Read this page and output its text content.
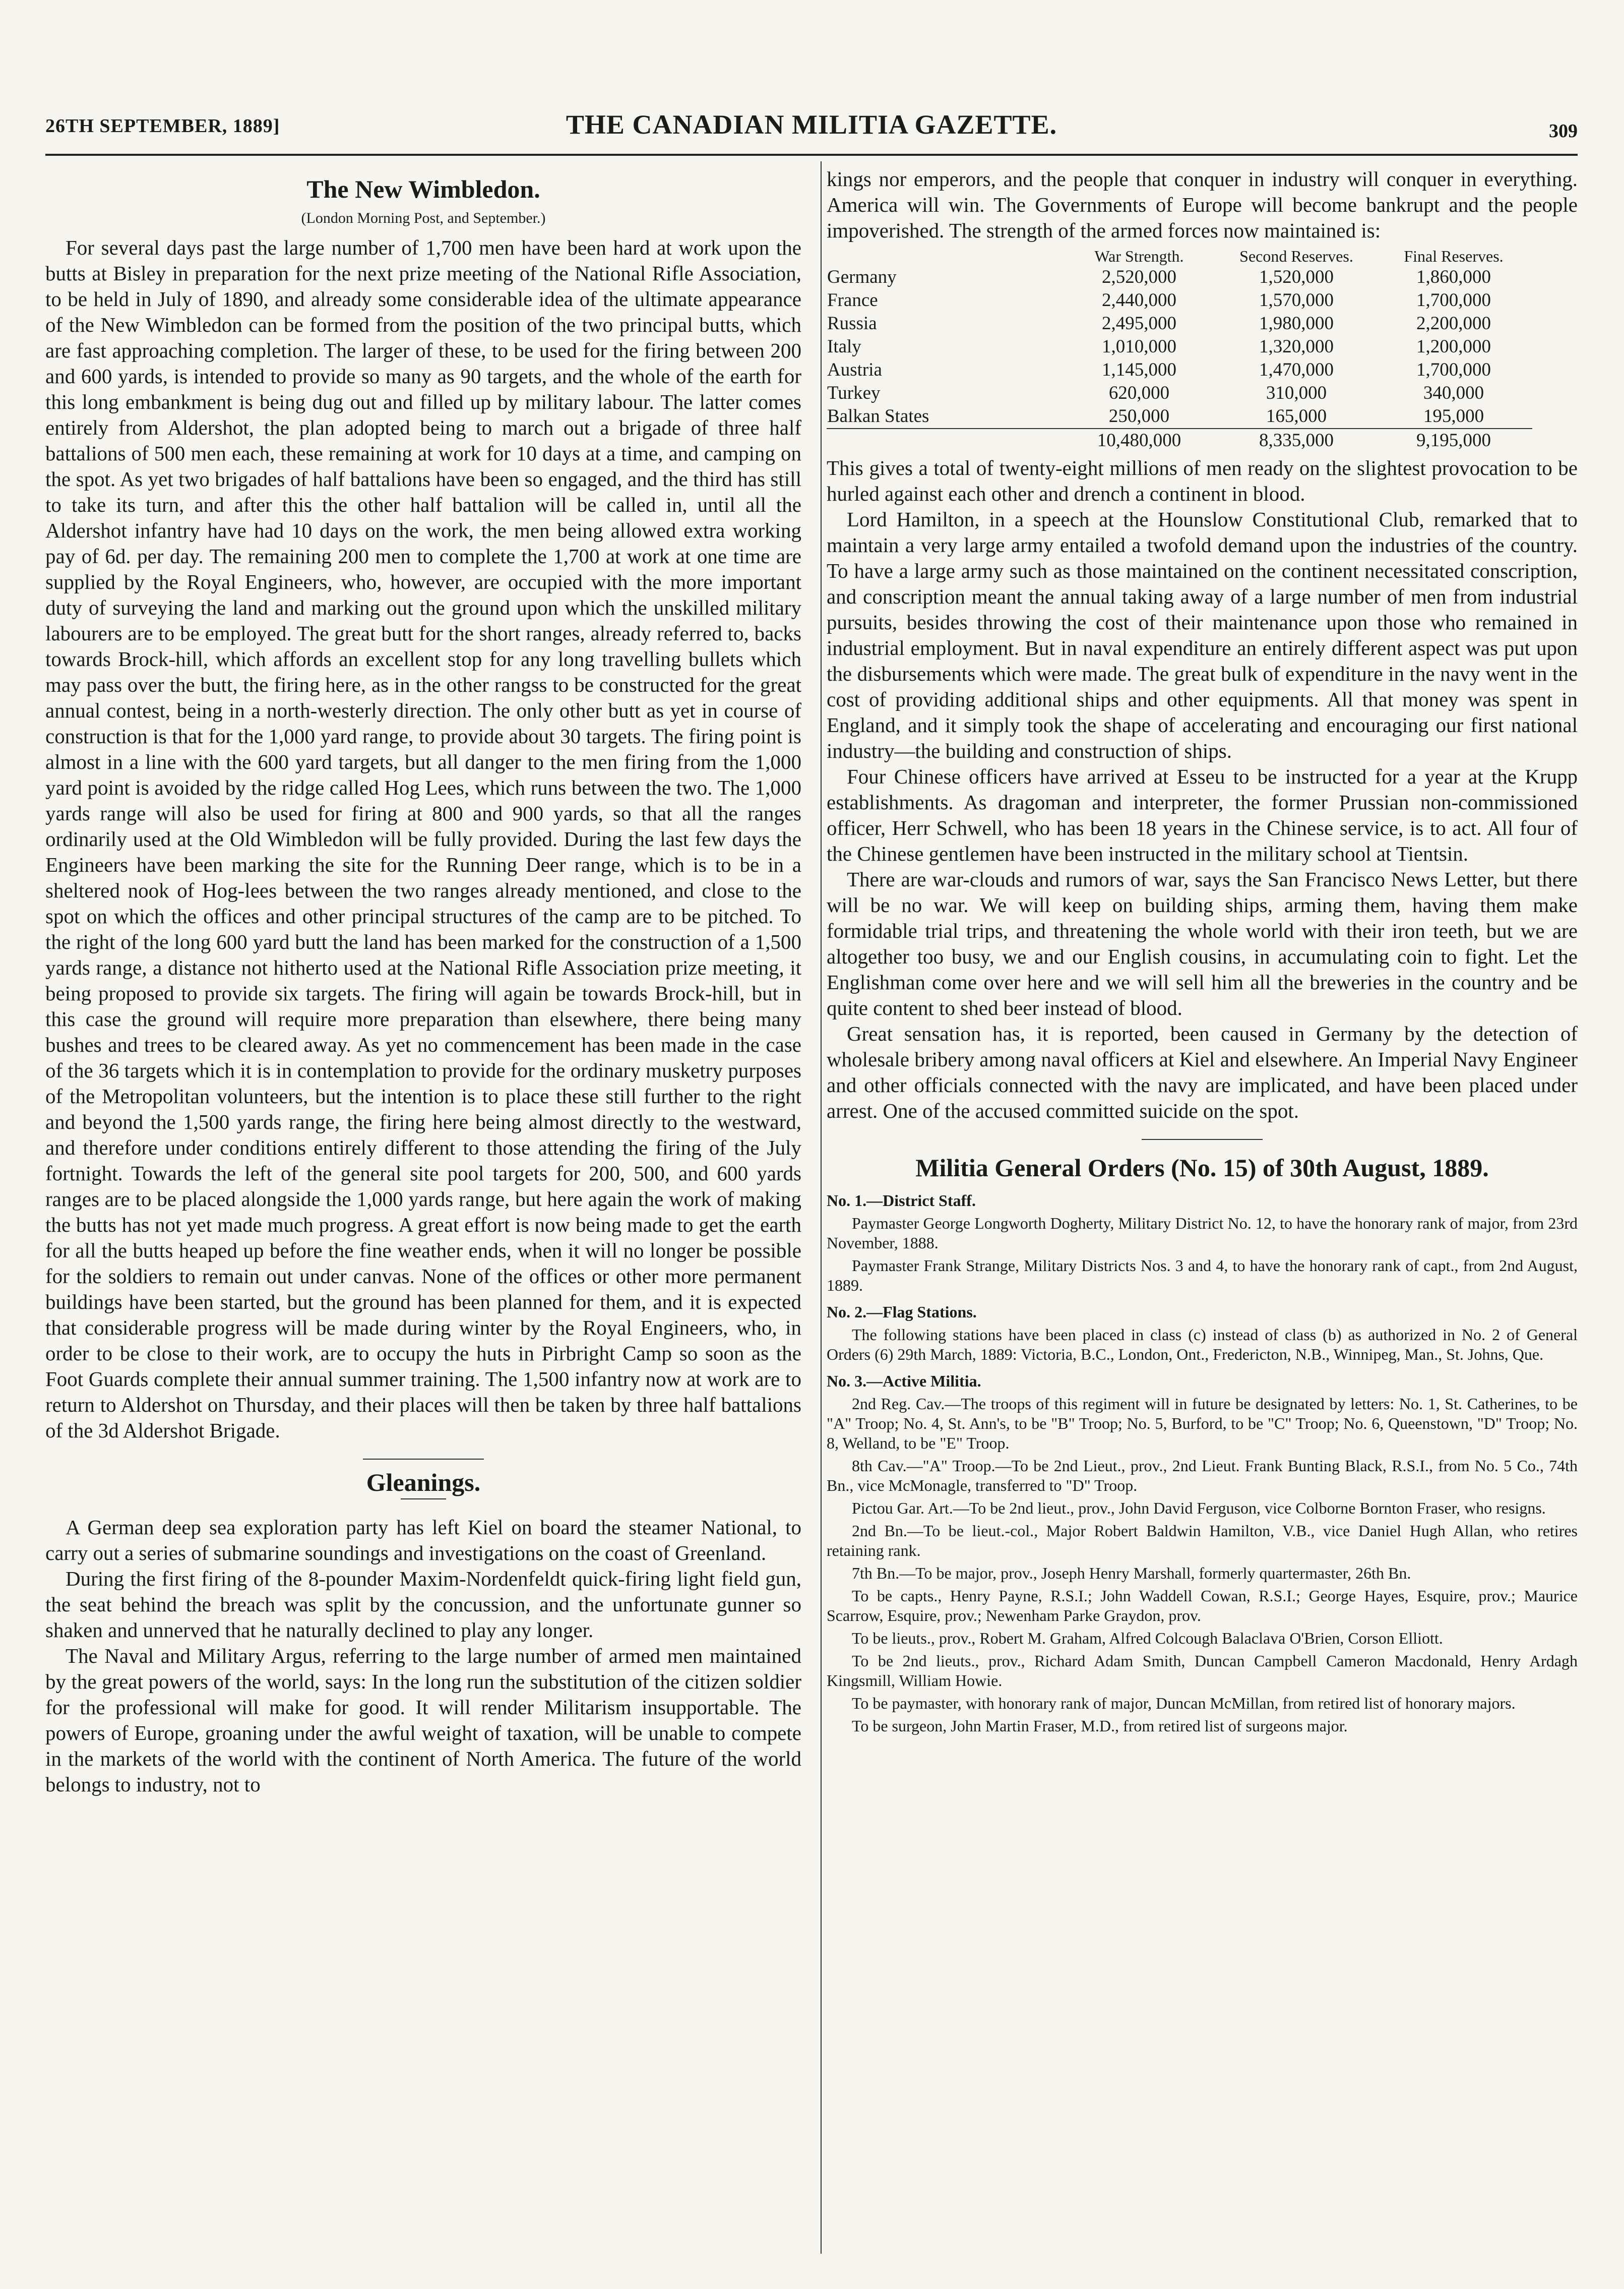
26TH SEPTEMBER, 1889]	THE CANADIAN MILITIA GAZETTE.	309
The New Wimbledon.
(London Morning Post, and September.)

For several days past the large number of 1,700 men have been hard at work upon the butts at Bisley in preparation for the next prize meeting of the National Rifle Association, to be held in July of 1890, and already some considerable idea of the ultimate appearance of the New Wimbledon can be formed from the position of the two principal butts, which are fast approaching completion. The larger of these, to be used for the firing between 200 and 600 yards, is intended to provide so many as 90 targets, and the whole of the earth for this long embankment is being dug out and filled up by military labour. The latter comes entirely from Aldershot, the plan adopted being to march out a brigade of three half battalions of 500 men each, these remaining at work for 10 days at a time, and camping on the spot. As yet two brigades of half battalions have been so engaged, and the third has still to take its turn, and after this the other half battalion will be called in, until all the Aldershot infantry have had 10 days on the work, the men being allowed extra working pay of 6d. per day. The remaining 200 men to complete the 1,700 at work at one time are supplied by the Royal Engineers, who, however, are occupied with the more important duty of surveying the land and marking out the ground upon which the unskilled military labourers are to be employed. The great butt for the short ranges, already referred to, backs towards Brock-hill, which affords an excellent stop for any long travelling bullets which may pass over the butt, the firing here, as in the other rangss to be constructed for the great annual contest, being in a north-westerly direction. The only other butt as yet in course of construction is that for the 1,000 yard range, to provide about 30 targets. The firing point is almost in a line with the 600 yard targets, but all danger to the men firing from the 1,000 yard point is avoided by the ridge called Hog Lees, which runs between the two. The 1,000 yards range will also be used for firing at 800 and 900 yards, so that all the ranges ordinarily used at the Old Wimbledon will be fully provided. During the last few days the Engineers have been marking the site for the Running Deer range, which is to be in a sheltered nook of Hog-lees between the two ranges already mentioned, and close to the spot on which the offices and other principal structures of the camp are to be pitched. To the right of the long 600 yard butt the land has been marked for the construction of a 1,500 yards range, a distance not hitherto used at the National Rifle Association prize meeting, it being proposed to provide six targets. The firing will again be towards Brock-hill, but in this case the ground will require more preparation than elsewhere, there being many bushes and trees to be cleared away. As yet no commencement has been made in the case of the 36 targets which it is in contemplation to provide for the ordinary musketry purposes of the Metropolitan volunteers, but the intention is to place these still further to the right and beyond the 1,500 yards range, the firing here being almost directly to the westward, and therefore under conditions entirely different to those attending the firing of the July fortnight. Towards the left of the general site pool targets for 200, 500, and 600 yards ranges are to be placed alongside the 1,000 yards range, but here again the work of making the butts has not yet made much progress. A great effort is now being made to get the earth for all the butts heaped up before the fine weather ends, when it will no longer be possible for the soldiers to remain out under canvas. None of the offices or other more permanent buildings have been started, but the ground has been planned for them, and it is expected that considerable progress will be made during winter by the Royal Engineers, who, in order to be close to their work, are to occupy the huts in Pirbright Camp so soon as the Foot Guards complete their annual summer training. The 1,500 infantry now at work are to return to Aldershot on Thursday, and their places will then be taken by three half battalions of the 3d Aldershot Brigade.

Gleanings.

A German deep sea exploration party has left Kiel on board the steamer National, to carry out a series of submarine soundings and investigations on the coast of Greenland.

During the first firing of the 8-pounder Maxim-Nordenfeldt quick-firing light field gun, the seat behind the breach was split by the concussion, and the unfortunate gunner so shaken and unnerved that he naturally declined to play any longer.

The Naval and Military Argus, referring to the large number of armed men maintained by the great powers of the world, says: In the long run the substitution of the citizen soldier for the professional will make for good. It will render Militarism insupportable. The powers of Europe, groaning under the awful weight of taxation, will be unable to compete in the markets of the world with the continent of North America. The future of the world belongs to industry, not to

kings nor emperors, and the people that conquer in industry will conquer in everything. America will win. The Governments of Europe will become bankrupt and the people impoverished. The strength of the armed forces now maintained is:

	War Strength.	Second Reserves.	Final Reserves.
Germany	2,520,000	1,520,000	1,860,000
France	2,440,000	1,570,000	1,700,000
Russia	2,495,000	1,980,000	2,200,000
Italy	1,010,000	1,320,000	1,200,000
Austria	1,145,000	1,470,000	1,700,000
Turkey	620,000	310,000	340,000
Balkan States	250,000	165,000	195,000
	10,480,000	8,335,000	9,195,000

This gives a total of twenty-eight millions of men ready on the slightest provocation to be hurled against each other and drench a continent in blood.

Lord Hamilton, in a speech at the Hounslow Constitutional Club, remarked that to maintain a very large army entailed a twofold demand upon the industries of the country. To have a large army such as those maintained on the continent necessitated conscription, and conscription meant the annual taking away of a large number of men from industrial pursuits, besides throwing the cost of their maintenance upon those who remained in industrial employment. But in naval expenditure an entirely different aspect was put upon the disbursements which were made. The great bulk of expenditure in the navy went in the cost of providing additional ships and other equipments. All that money was spent in England, and it simply took the shape of accelerating and encouraging our first national industry—the building and construction of ships.

Four Chinese officers have arrived at Esseu to be instructed for a year at the Krupp establishments. As dragoman and interpreter, the former Prussian non-commissioned officer, Herr Schwell, who has been 18 years in the Chinese service, is to act. All four of the Chinese gentlemen have been instructed in the military school at Tientsin.

There are war-clouds and rumors of war, says the San Francisco News Letter, but there will be no war. We will keep on building ships, arming them, having them make formidable trial trips, and threatening the whole world with their iron teeth, but we are altogether too busy, we and our English cousins, in accumulating coin to fight. Let the Englishman come over here and we will sell him all the breweries in the country and be quite content to shed beer instead of blood.

Great sensation has, it is reported, been caused in Germany by the detection of wholesale bribery among naval officers at Kiel and elsewhere. An Imperial Navy Engineer and other officials connected with the navy are implicated, and have been placed under arrest. One of the accused committed suicide on the spot.

Militia General Orders (No. 15) of 30th August, 1889.
No. 1.—District Staff.

Paymaster George Longworth Dogherty, Military District No. 12, to have the honorary rank of major, from 23rd November, 1888.

Paymaster Frank Strange, Military Districts Nos. 3 and 4, to have the honorary rank of capt., from 2nd August, 1889.

No. 2.—Flag Stations.

The following stations have been placed in class (c) instead of class (b) as authorized in No. 2 of General Orders (6) 29th March, 1889: Victoria, B.C., London, Ont., Fredericton, N.B., Winnipeg, Man., St. Johns, Que.

No. 3.—Active Militia.

2nd Reg. Cav.—The troops of this regiment will in future be designated by letters: No. 1, St. Catherines, to be "A" Troop; No. 4, St. Ann's, to be "B" Troop; No. 5, Burford, to be "C" Troop; No. 6, Queenstown, "D" Troop; No. 8, Welland, to be "E" Troop.

8th Cav.—"A" Troop.—To be 2nd Lieut., prov., 2nd Lieut. Frank Bunting Black, R.S.I., from No. 5 Co., 74th Bn., vice McMonagle, transferred to "D" Troop.

Pictou Gar. Art.—To be 2nd lieut., prov., John David Ferguson, vice Colborne Bornton Fraser, who resigns.

2nd Bn.—To be lieut.-col., Major Robert Baldwin Hamilton, V.B., vice Daniel Hugh Allan, who retires retaining rank.

7th Bn.—To be major, prov., Joseph Henry Marshall, formerly quartermaster, 26th Bn.

To be capts., Henry Payne, R.S.I.; John Waddell Cowan, R.S.I.; George Hayes, Esquire, prov.; Maurice Scarrow, Esquire, prov.; Newenham Parke Graydon, prov.

To be lieuts., prov., Robert M. Graham, Alfred Colcough Balaclava O'Brien, Corson Elliott.

To be 2nd lieuts., prov., Richard Adam Smith, Duncan Campbell Cameron Macdonald, Henry Ardagh Kingsmill, William Howie.

To be paymaster, with honorary rank of major, Duncan McMillan, from retired list of honorary majors.

To be surgeon, John Martin Fraser, M.D., from retired list of surgeons major.
